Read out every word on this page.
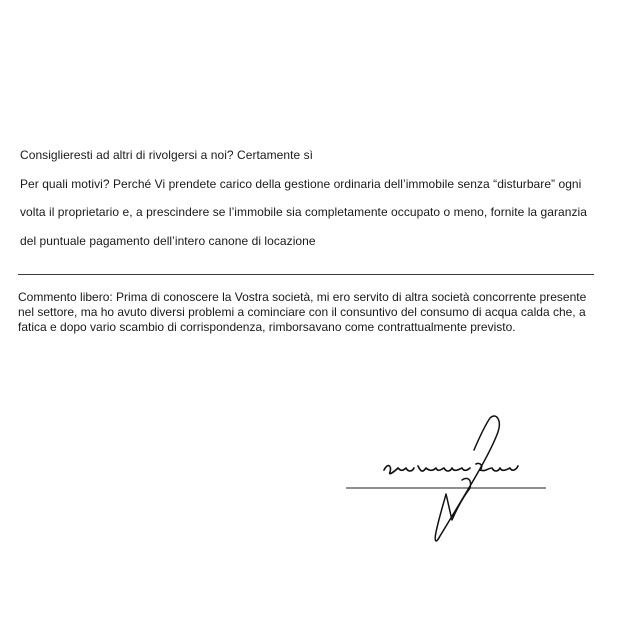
Consiglieresti ad altri di rivolgersi a noi? Certamente sì
Per quali motivi? Perché Vi prendete carico della gestione ordinaria dell’immobile senza “disturbare” ogni
volta il proprietario e, a prescindere se l’immobile sia completamente occupato o meno, fornite la garanzia
del puntuale pagamento dell’intero canone di locazione
Commento libero: Prima di conoscere la Vostra società, mi ero servito di altra società concorrente presente
nel settore, ma ho avuto diversi problemi a cominciare con il consuntivo del consumo di acqua calda che, a
fatica e dopo vario scambio di corrispondenza, rimborsavano come contrattualmente previsto.
